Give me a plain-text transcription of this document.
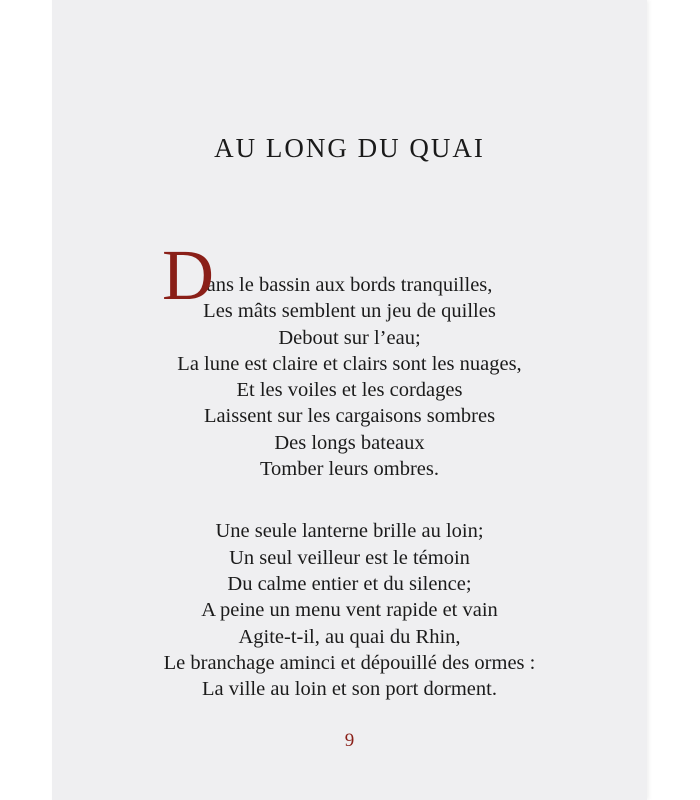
AU LONG DU QUAI
D
ans le bassin aux bords tranquilles,
Les mâts semblent un jeu de quilles
Debout sur l’eau;
La lune est claire et clairs sont les nuages,
Et les voiles et les cordages
Laissent sur les cargaisons sombres
Des longs bateaux
Tomber leurs ombres.
Une seule lanterne brille au loin;
Un seul veilleur est le témoin
Du calme entier et du silence;
A peine un menu vent rapide et vain
Agite-t-il, au quai du Rhin,
Le branchage aminci et dépouillé des ormes :
La ville au loin et son port dorment.
9
